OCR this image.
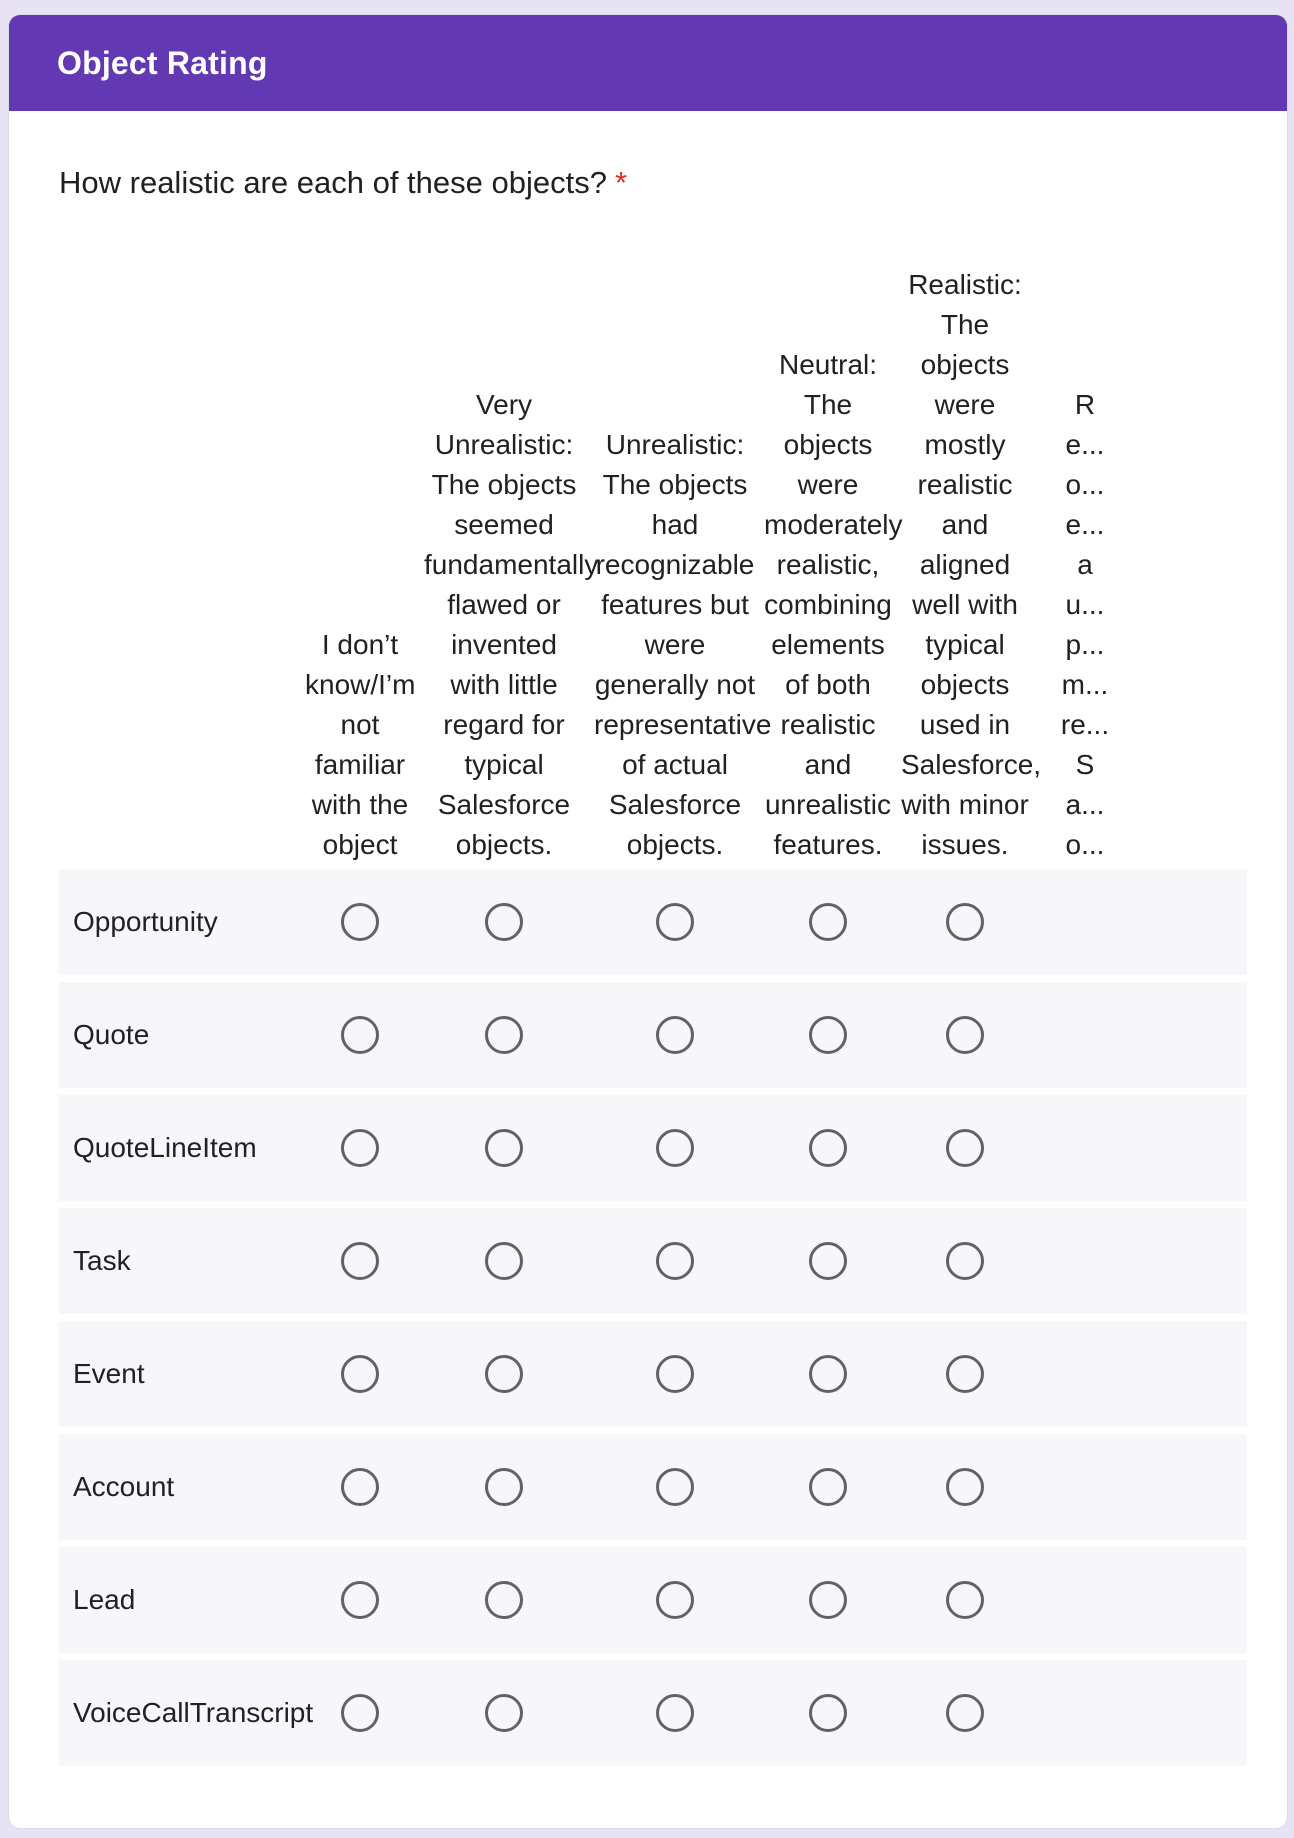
Object Rating
How realistic are each of these objects? *
I don’t know/I’m not familiar with the object
Very Unrealistic: The objects seemed fundamentally flawed or invented with little regard for typical Salesforce objects.
Unrealistic: The objects had recognizable features but were generally not representative of actual Salesforce objects.
Neutral: The objects were moderately realistic, combining elements of both realistic and unrealistic features.
Realistic: The objects were mostly realistic and aligned well with typical objects used in Salesforce, with minor issues.
Re... o... e... au... p... m... re... Sa... o...
Opportunity
Quote
QuoteLineItem
Task
Event
Account
Lead
VoiceCallTranscript
